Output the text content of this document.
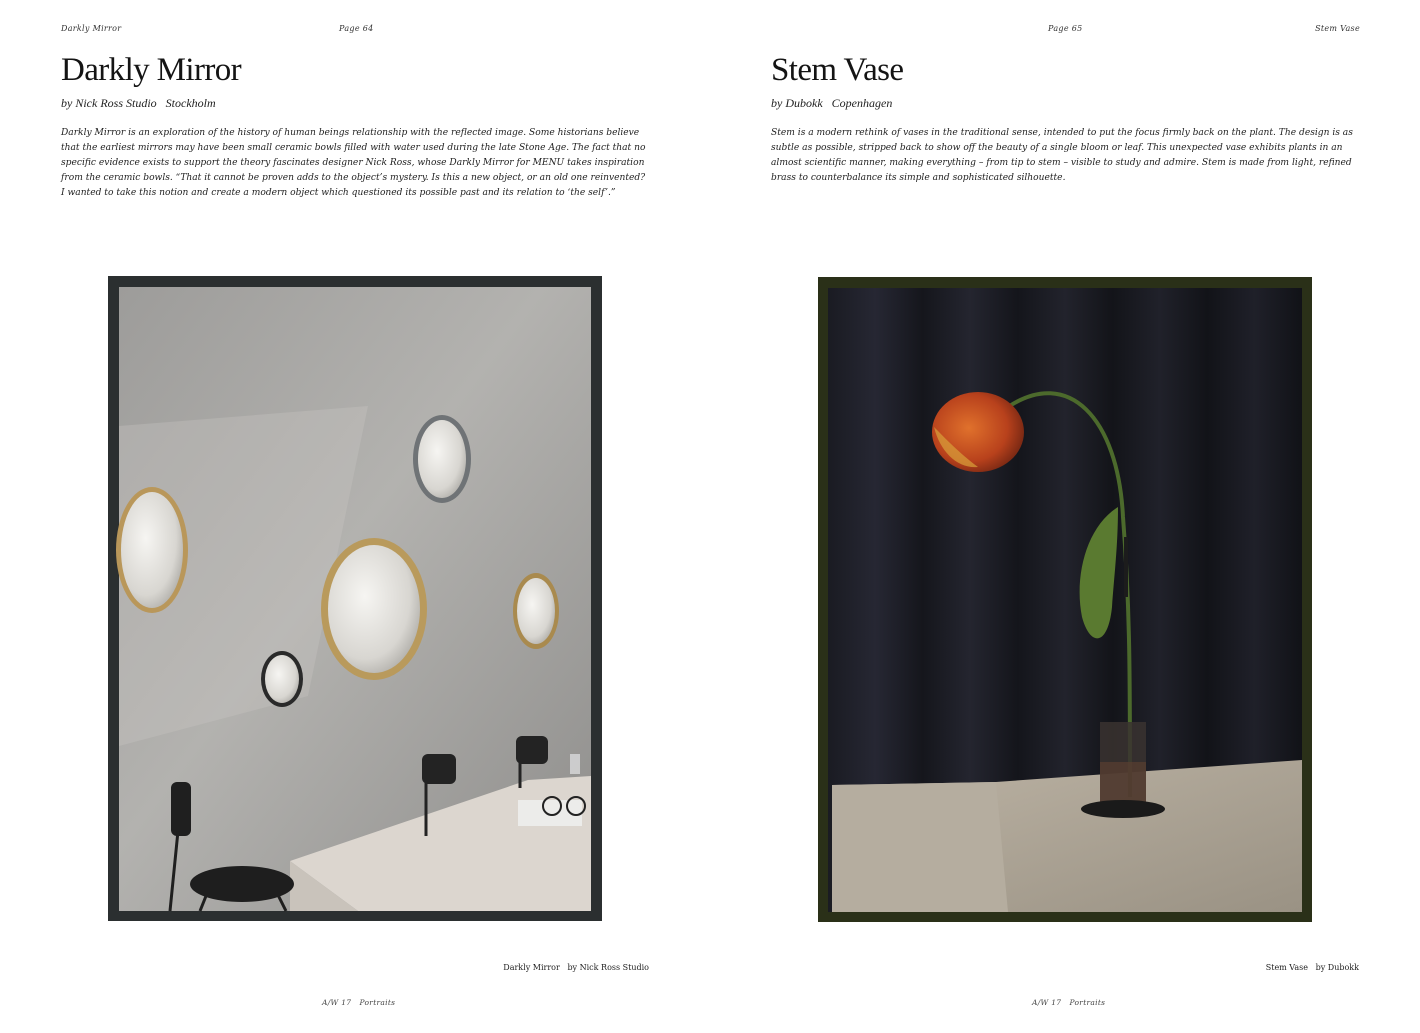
Darkly Mirror	Page 64
Darkly Mirror
by Nick Ross Studio Stockholm

Darkly Mirror is an exploration of the history of human beings relationship with the reflected image. Some historians believe
that the earliest mirrors may have been small ceramic bowls filled with water used during the late Stone Age. The fact that no
specific evidence exists to support the theory fascinates designer Nick Ross, whose Darkly Mirror for MENU takes inspiration
from the ceramic bowls. “That it cannot be proven adds to the object’s mystery. Is this a new object, or an old one reinvented?
I wanted to take this notion and create a modern object which questioned its possible past and its relation to ‘the self’.”

Darkly Mirror by Nick Ross Studio
A/W 17 Portraits
Page 65	Stem Vase
Stem Vase
by Dubokk Copenhagen

Stem is a modern rethink of vases in the traditional sense, intended to put the focus firmly back on the plant. The design is as
subtle as possible, stripped back to show off the beauty of a single bloom or leaf. This unexpected vase exhibits plants in an
almost scientific manner, making everything – from tip to stem – visible to study and admire. Stem is made from light, refined
brass to counterbalance its simple and sophisticated silhouette.

Stem Vase by Dubokk
A/W 17 Portraits
